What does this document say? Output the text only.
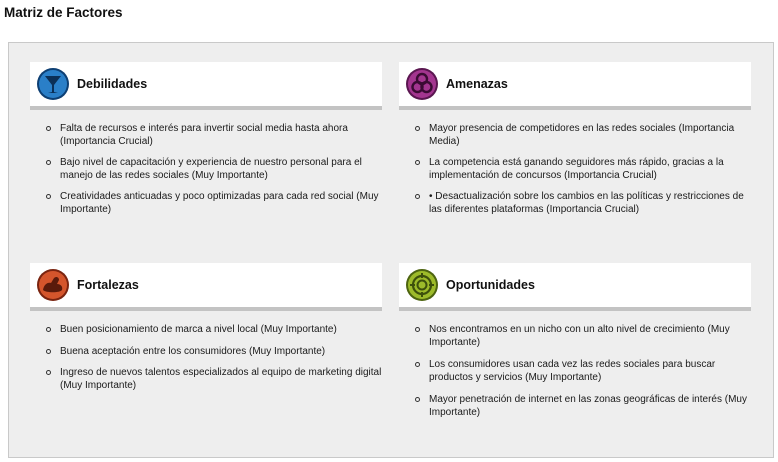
Matriz de Factores
Debilidades
Falta de recursos e interés para invertir social media hasta ahora (Importancia Crucial)
Bajo nivel de capacitación y experiencia de nuestro personal para el manejo de las redes sociales (Muy Importante)
Creatividades anticuadas y poco optimizadas para cada red social (Muy Importante)
Amenazas
Mayor presencia de competidores en las redes sociales (Importancia Media)
La competencia está ganando seguidores más rápido, gracias a la implementación de concursos (Importancia Crucial)
• Desactualización sobre los cambios en las políticas y restricciones de las diferentes plataformas (Importancia Crucial)
Fortalezas
Buen posicionamiento de marca a nivel local (Muy Importante)
Buena aceptación entre los consumidores (Muy Importante)
Ingreso de nuevos talentos especializados al equipo de marketing digital (Muy Importante)
Oportunidades
Nos encontramos en un nicho con un alto nivel de crecimiento (Muy Importante)
Los consumidores usan cada vez las redes sociales para buscar productos y servicios (Muy Importante)
Mayor penetración de internet en las zonas geográficas de interés (Muy Importante)
